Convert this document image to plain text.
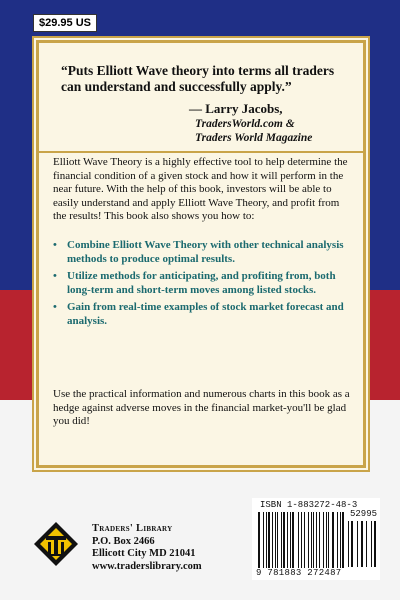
$29.95 US
“Puts Elliott Wave theory into terms all traders can understand and successfully apply.”
— Larry Jacobs,
TradersWorld.com &
Traders World Magazine
Elliott Wave Theory is a highly effective tool to help determine the financial condition of a given stock and how it will perform in the near future. With the help of this book, investors will be able to easily understand and apply Elliott Wave Theory, and profit from the results! This book also shows you how to:
• Combine Elliott Wave Theory with other technical analysis methods to produce optimal results.
• Utilize methods for anticipating, and profiting from, both long-term and short-term moves among listed stocks.
• Gain from real-time examples of stock market forecast and analysis.
Use the practical information and numerous charts in this book as a hedge against adverse moves in the financial market-you'll be glad you did!
Traders' Library
P.O. Box 2466
Ellicott City MD 21041
www.traderslibrary.com
ISBN 1-883272-48-3
52995
9 781883 272487
